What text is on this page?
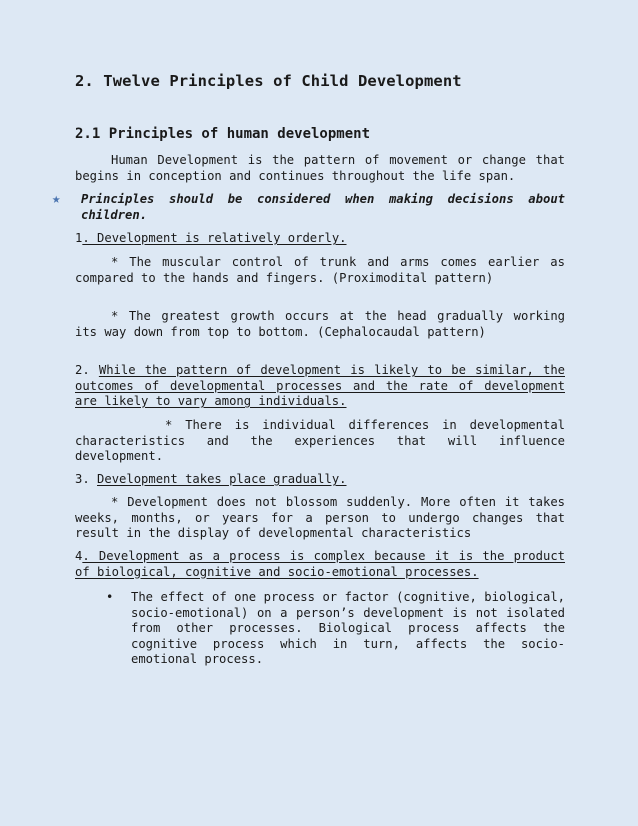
2. Twelve Principles of Child Development
2.1 Principles of human development

Human Development is the pattern of movement or change that begins in conception and continues throughout the life span.

★	Principles should be considered when making decisions about children.

1. Development is relatively orderly.

* The muscular control of trunk and arms comes earlier as compared to the hands and fingers. (Proximodital pattern)

* The greatest growth occurs at the head gradually working its way down from top to bottom. (Cephalocaudal pattern)

2. While the pattern of development is likely to be similar, the outcomes of developmental processes and the rate of development are likely to vary among individuals.

* There is individual differences in developmental characteristics and the experiences that will influence development.

3. Development takes place gradually.

* Development does not blossom suddenly. More often it takes weeks, months, or years for a person to undergo changes that result in the display of developmental characteristics

4. Development as a process is complex because it is the product of biological, cognitive and socio-emotional processes.

• The effect of one process or factor (cognitive, biological, socio-emotional) on a person’s development is not isolated from other processes. Biological process affects the cognitive process which in turn, affects the socio-emotional process.
